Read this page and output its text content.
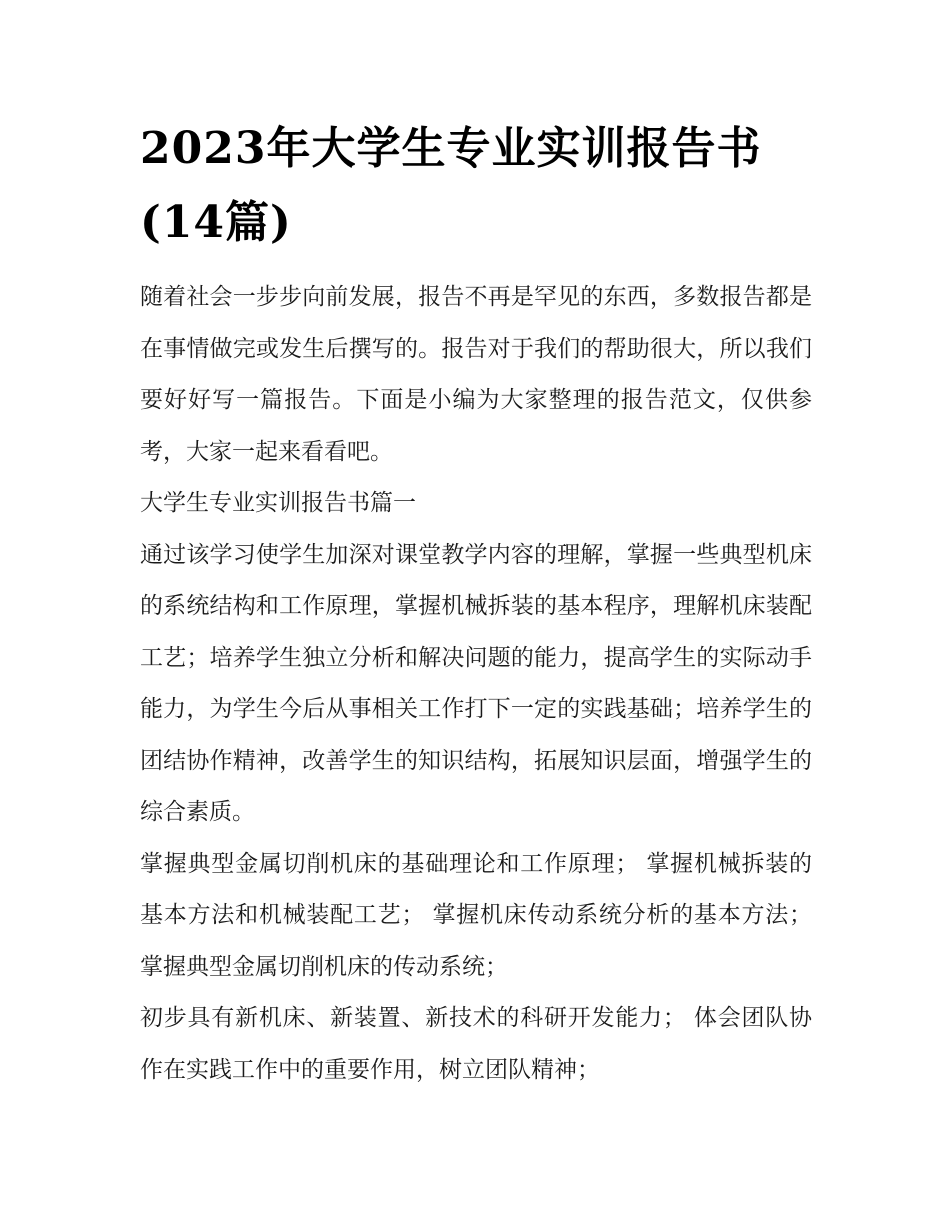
2023年大学生专业实训报告书
(14篇)

随着社会一步步向前发展，报告不再是罕见的东西，多数报告都是在事情做完或发生后撰写的。报告对于我们的帮助很大，所以我们要好好写一篇报告。下面是小编为大家整理的报告范文，仅供参考，大家一起来看看吧。

大学生专业实训报告书篇一

通过该学习使学生加深对课堂教学内容的理解，掌握一些典型机床的系统结构和工作原理，掌握机械拆装的基本程序，理解机床装配工艺；培养学生独立分析和解决问题的能力，提高学生的实际动手能力，为学生今后从事相关工作打下一定的实践基础；培养学生的团结协作精神，改善学生的知识结构，拓展知识层面，增强学生的综合素质。

掌握典型金属切削机床的基础理论和工作原理； 掌握机械拆装的基本方法和机械装配工艺； 掌握机床传动系统分析的基本方法； 掌握典型金属切削机床的传动系统；

初步具有新机床、新装置、新技术的科研开发能力； 体会团队协作在实践工作中的重要作用，树立团队精神；
